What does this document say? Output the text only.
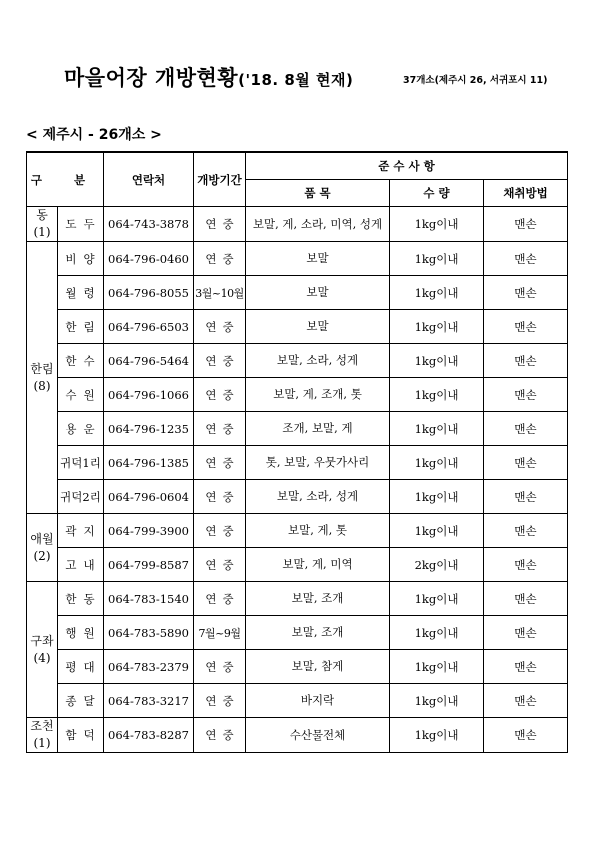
마을어장 개방현황('18. 8월 현재)	37개소(제주시 26, 서귀포시 11)
< 제주시 - 26개소 >
구 분		연락처	개방기간	준 수 사 항		
				품 목	수 량	채취방법

동
(1)	도두	064-743-3878	연중	보말, 게, 소라, 미역, 성게	1kg이내	맨손

한림
(8)	비양	064-796-0460	연중	보말	1kg이내	맨손
	월령	064-796-8055	3월~10월	보말	1kg이내	맨손
	한림	064-796-6503	연중	보말	1kg이내	맨손
	한수	064-796-5464	연중	보말, 소라, 성게	1kg이내	맨손
	수원	064-796-1066	연중	보말, 게, 조개, 톳	1kg이내	맨손
	용운	064-796-1235	연중	조개, 보말, 게	1kg이내	맨손
	귀덕1리	064-796-1385	연중	톳, 보말, 우뭇가사리	1kg이내	맨손
	귀덕2리	064-796-0604	연중	보말, 소라, 성게	1kg이내	맨손

애월
(2)	곽지	064-799-3900	연중	보말, 게, 톳	1kg이내	맨손
	고내	064-799-8587	연중	보말, 게, 미역	2kg이내	맨손

구좌
(4)	한동	064-783-1540	연중	보말, 조개	1kg이내	맨손
	행원	064-783-5890	7월~9월	보말, 조개	1kg이내	맨손
	평대	064-783-2379	연중	보말, 참게	1kg이내	맨손
	종달	064-783-3217	연중	바지락	1kg이내	맨손

조천
(1)	함덕	064-783-8287	연중	수산물전체	1kg이내	맨손
